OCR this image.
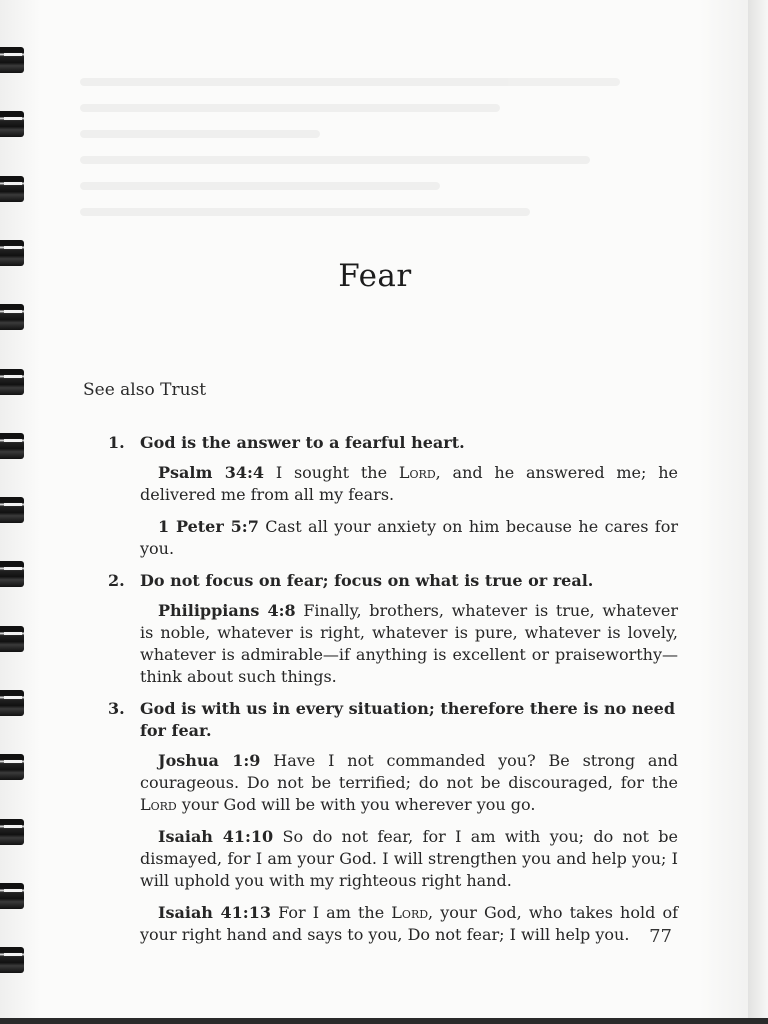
Fear
See also Trust
1. God is the answer to a fearful heart.
Psalm 34:4 I sought the Lord, and he answered me; he delivered me from all my fears.
1 Peter 5:7 Cast all your anxiety on him because he cares for you.
2. Do not focus on fear; focus on what is true or real.
Philippians 4:8 Finally, brothers, whatever is true, whatever is noble, whatever is right, whatever is pure, whatever is lovely, whatever is admirable—if anything is excellent or praiseworthy—think about such things.
3. God is with us in every situation; therefore there is no need for fear.
Joshua 1:9 Have I not commanded you? Be strong and courageous. Do not be terrified; do not be discouraged, for the Lord your God will be with you wherever you go.
Isaiah 41:10 So do not fear, for I am with you; do not be dismayed, for I am your God. I will strengthen you and help you; I will uphold you with my righteous right hand.
Isaiah 41:13 For I am the Lord, your God, who takes hold of your right hand and says to you, Do not fear; I will help you.	77
